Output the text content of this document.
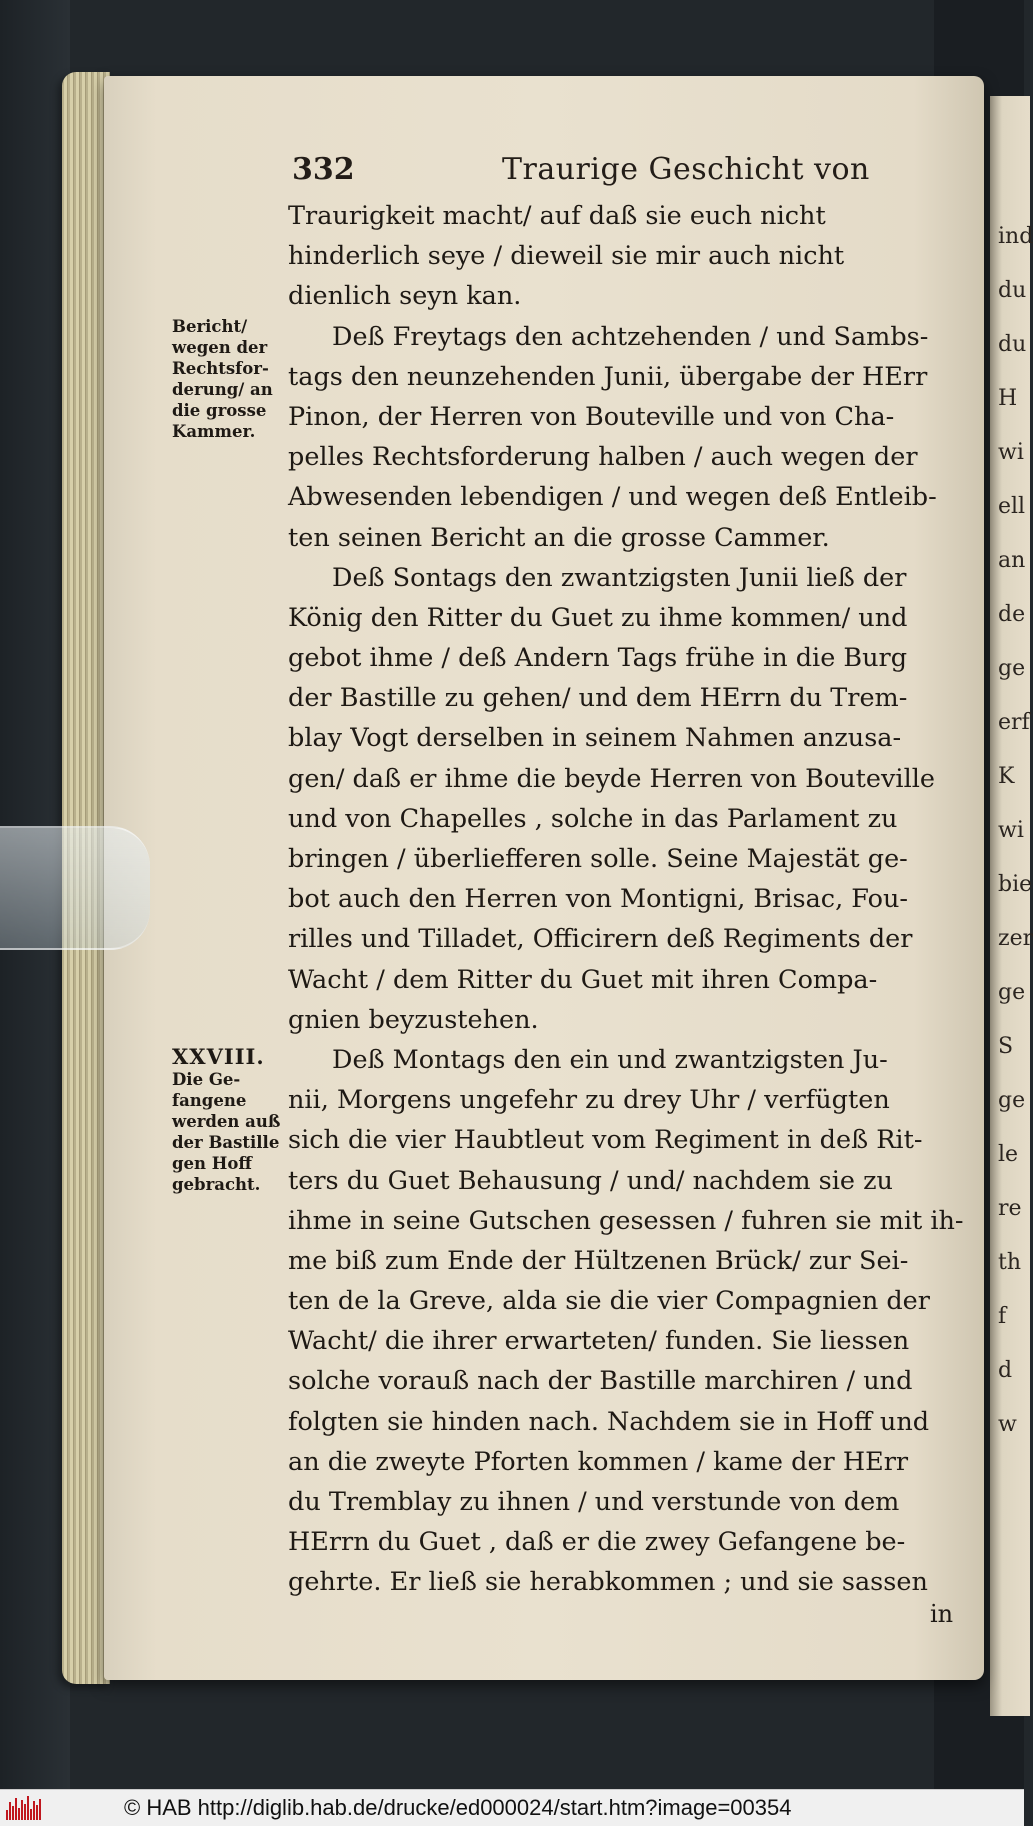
ind
du
du
H
wi
ell
an
de
ge
erf
K
wi
bie
zer
ge
S
ge
le
re
th
f
d
w
332	Traurige Geschicht von
Traurigkeit macht/ auf daß sie euch nicht
hinderlich seye / dieweil sie mir auch nicht
dienlich seyn kan.
Deß Freytags den achtzehenden / und Sambs-
tags den neunzehenden Junii, übergabe der HErr
Pinon, der Herren von Bouteville und von Cha-
pelles Rechtsforderung halben / auch wegen der
Abwesenden lebendigen / und wegen deß Entleib-
ten seinen Bericht an die grosse Cammer.
Deß Sontags den zwantzigsten Junii ließ der
König den Ritter du Guet zu ihme kommen/ und
gebot ihme / deß Andern Tags frühe in die Burg
der Bastille zu gehen/ und dem HErrn du Trem-
blay Vogt derselben in seinem Nahmen anzusa-
gen/ daß er ihme die beyde Herren von Bouteville
und von Chapelles , solche in das Parlament zu
bringen / überliefferen solle. Seine Majestät ge-
bot auch den Herren von Montigni, Brisac, Fou-
rilles und Tilladet, Officirern deß Regiments der
Wacht / dem Ritter du Guet mit ihren Compa-
gnien beyzustehen.
Deß Montags den ein und zwantzigsten Ju-
nii, Morgens ungefehr zu drey Uhr / verfügten
sich die vier Haubtleut vom Regiment in deß Rit-
ters du Guet Behausung / und/ nachdem sie zu
ihme in seine Gutschen gesessen / fuhren sie mit ih-
me biß zum Ende der Hültzenen Brück/ zur Sei-
ten de la Greve, alda sie die vier Compagnien der
Wacht/ die ihrer erwarteten/ funden. Sie liessen
solche vorauß nach der Bastille marchiren / und
folgten sie hinden nach. Nachdem sie in Hoff und
an die zweyte Pforten kommen / kame der HErr
du Tremblay zu ihnen / und verstunde von dem
HErrn du Guet , daß er die zwey Gefangene be-
gehrte. Er ließ sie herabkommen ; und sie sassen
Bericht/
wegen der
Rechtsfor-
derung/ an
die grosse
Kammer.
XXVIII.
Die Ge-
fangene
werden auß
der Bastille
gen Hoff
gebracht.
in
© HAB http://diglib.hab.de/drucke/ed000024/start.htm?image=00354
